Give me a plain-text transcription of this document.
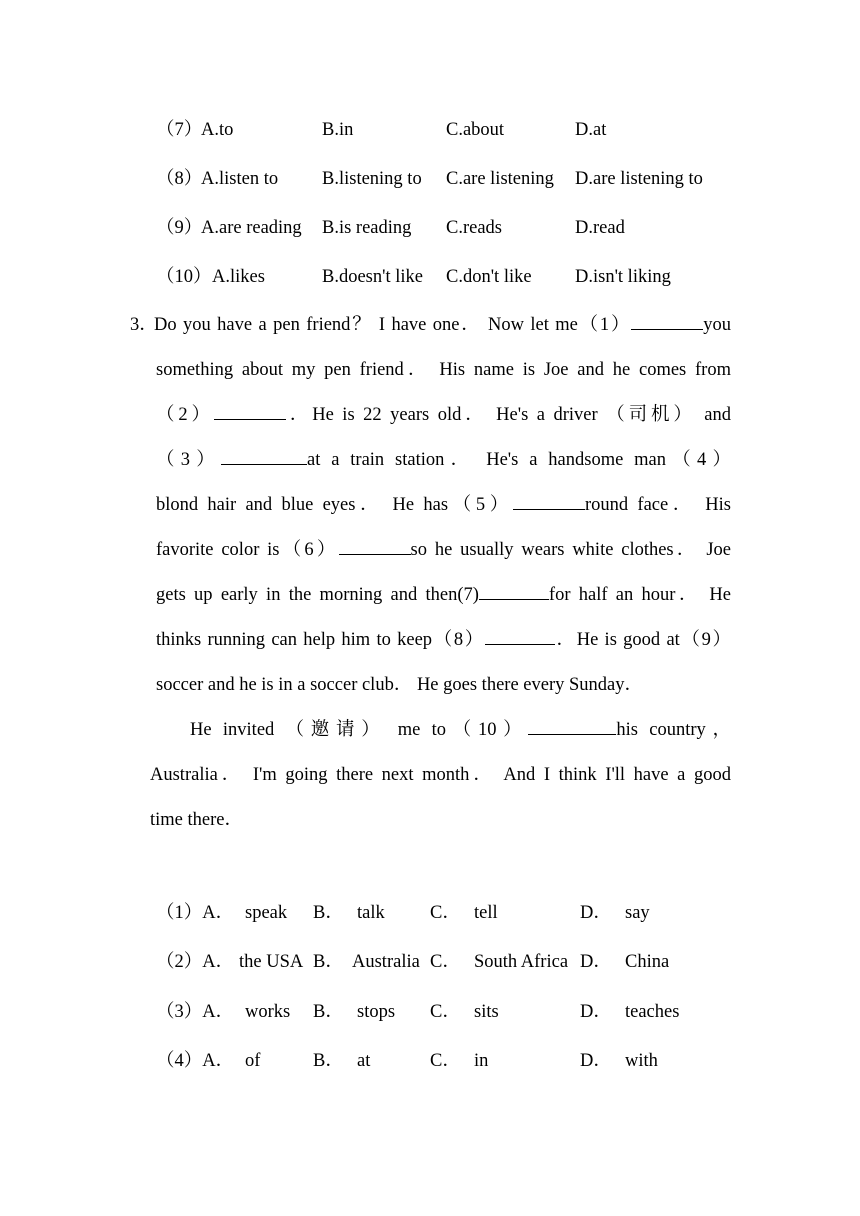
（7）
A.to	B.in	C.about	D.at
（8）
A.listen to B.listening to C.are listening D.are listening to
（9）
A.are reading B.is reading C.reads	D.read
（10） A.likes	B.doesn't like C.don't like D.isn't liking
3．
Do you have a pen friend？ I have one． Now let me（1）	you
something about my pen friend． His name is Joe and he comes from
（2）	．He is 22 years old． He's a driver （司机） and
（3）	at a train station． He's a handsome man（4）
blond hair and blue eyes． He has（5）	round face． His
favorite color is（6）	so he usually wears white clothes． Joe
gets up early in the morning and then(7)	for half an hour． He
thinks running can help him to keep（8）	．He is good at（9）
soccer and he is in a soccer club． He goes there every Sunday．
He invited （邀请） me to（10）	his country，
Australia． I'm going there next month． And I think I'll have a good
time there．
（1）A． speak B． talk C． tell	D． say
（2）A． the USA B． Australia C． South Africa D． China
（3）A． works B． stops C． sits	D． teaches
（4）A． of	B． at	C． in	D． with
